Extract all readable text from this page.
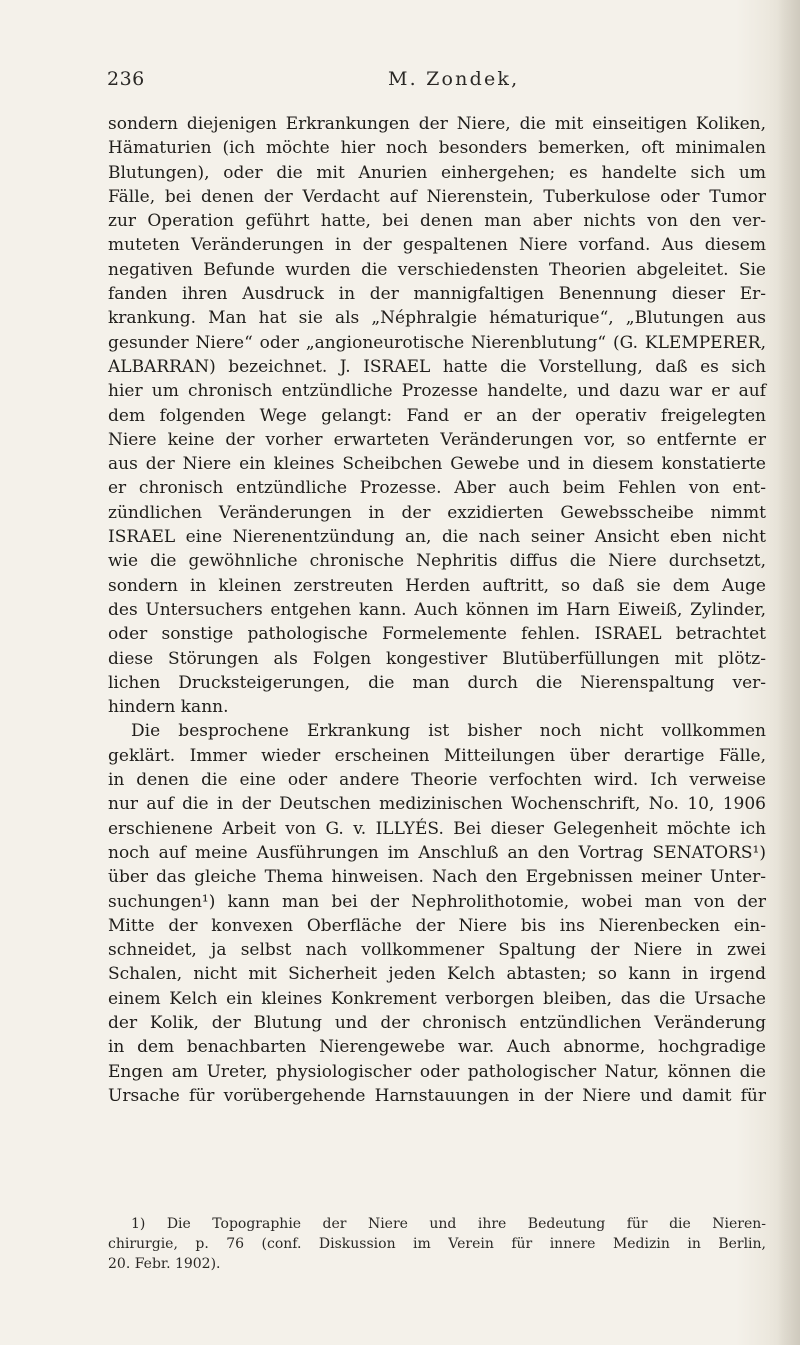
236	M. Zondek,
sondern diejenigen Erkrankungen der Niere, die mit einseitigen Koliken,
Hämaturien (ich möchte hier noch besonders bemerken, oft minimalen
Blutungen), oder die mit Anurien einhergehen; es handelte sich um
Fälle, bei denen der Verdacht auf Nierenstein, Tuberkulose oder Tumor
zur Operation geführt hatte, bei denen man aber nichts von den ver-
muteten Veränderungen in der gespaltenen Niere vorfand. Aus diesem
negativen Befunde wurden die verschiedensten Theorien abgeleitet. Sie
fanden ihren Ausdruck in der mannigfaltigen Benennung dieser Er-
krankung. Man hat sie als „Néphralgie hématurique“, „Blutungen aus
gesunder Niere“ oder „angioneurotische Nierenblutung“ (G. KLEMPERER,
ALBARRAN) bezeichnet. J. ISRAEL hatte die Vorstellung, daß es sich
hier um chronisch entzündliche Prozesse handelte, und dazu war er auf
dem folgenden Wege gelangt: Fand er an der operativ freigelegten
Niere keine der vorher erwarteten Veränderungen vor, so entfernte er
aus der Niere ein kleines Scheibchen Gewebe und in diesem konstatierte
er chronisch entzündliche Prozesse. Aber auch beim Fehlen von ent-
zündlichen Veränderungen in der exzidierten Gewebsscheibe nimmt
ISRAEL eine Nierenentzündung an, die nach seiner Ansicht eben nicht
wie die gewöhnliche chronische Nephritis diffus die Niere durchsetzt,
sondern in kleinen zerstreuten Herden auftritt, so daß sie dem Auge
des Untersuchers entgehen kann. Auch können im Harn Eiweiß, Zylinder,
oder sonstige pathologische Formelemente fehlen. ISRAEL betrachtet
diese Störungen als Folgen kongestiver Blutüberfüllungen mit plötz-
lichen Drucksteigerungen, die man durch die Nierenspaltung ver-
hindern kann.
Die besprochene Erkrankung ist bisher noch nicht vollkommen
geklärt. Immer wieder erscheinen Mitteilungen über derartige Fälle,
in denen die eine oder andere Theorie verfochten wird. Ich verweise
nur auf die in der Deutschen medizinischen Wochenschrift, No. 10, 1906
erschienene Arbeit von G. v. ILLYÉS. Bei dieser Gelegenheit möchte ich
noch auf meine Ausführungen im Anschluß an den Vortrag SENATORS¹)
über das gleiche Thema hinweisen. Nach den Ergebnissen meiner Unter-
suchungen¹) kann man bei der Nephrolithotomie, wobei man von der
Mitte der konvexen Oberfläche der Niere bis ins Nierenbecken ein-
schneidet, ja selbst nach vollkommener Spaltung der Niere in zwei
Schalen, nicht mit Sicherheit jeden Kelch abtasten; so kann in irgend
einem Kelch ein kleines Konkrement verborgen bleiben, das die Ursache
der Kolik, der Blutung und der chronisch entzündlichen Veränderung
in dem benachbarten Nierengewebe war. Auch abnorme, hochgradige
Engen am Ureter, physiologischer oder pathologischer Natur, können die
Ursache für vorübergehende Harnstauungen in der Niere und damit für
1) Die Topographie der Niere und ihre Bedeutung für die Nieren-
chirurgie, p. 76 (conf. Diskussion im Verein für innere Medizin in Berlin,
20. Febr. 1902).
